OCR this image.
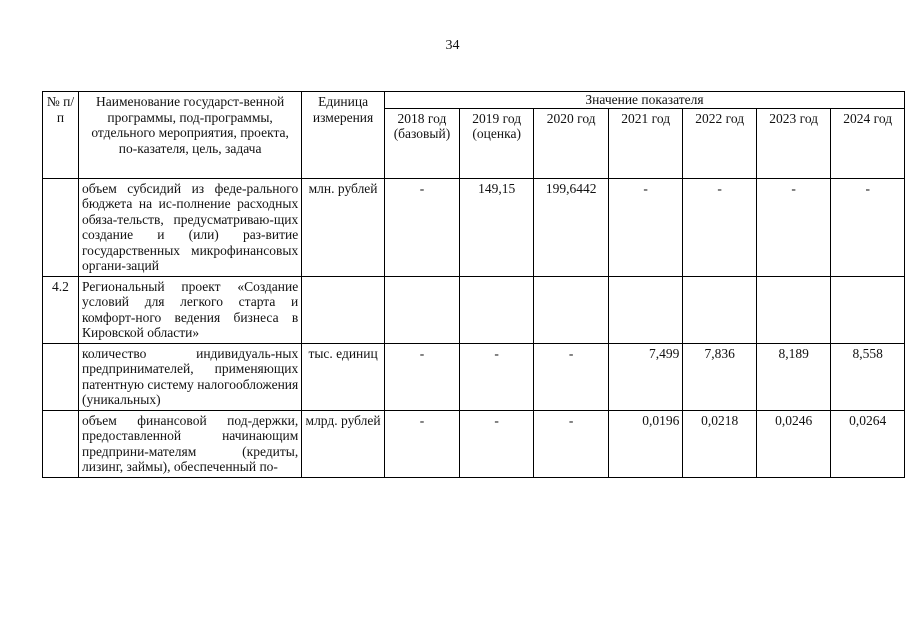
34
№ п/п	Наименование государст-венной программы, под-программы, отдельного мероприятия, проекта, по-казателя, цель, задача	Единица измерения	Значение показателя						
			2018 год (базовый)	2019 год (оценка)	2020 год	2021 год	2022 год	2023 год	2024 год
	объем субсидий из феде-рального бюджета на ис-полнение расходных обяза-тельств, предусматриваю-щих создание и (или) раз-витие государственных микрофинансовых органи-заций	млн. рублей	-	149,15	199,6442	-	-	-	-
4.2	Региональный проект «Создание условий для легкого старта и комфорт-ного ведения бизнеса в Кировской области»								
	количество индивидуаль-ных предпринимателей, применяющих патентную систему налогообложения (уникальных)	тыс. единиц	-	-	-	7,499	7,836	8,189	8,558
	объем финансовой под-держки, предоставленной начинающим предприни-мателям (кредиты, лизинг, займы), обеспеченный по-	млрд. рублей	-	-	-	0,0196	0,0218	0,0246	0,0264
